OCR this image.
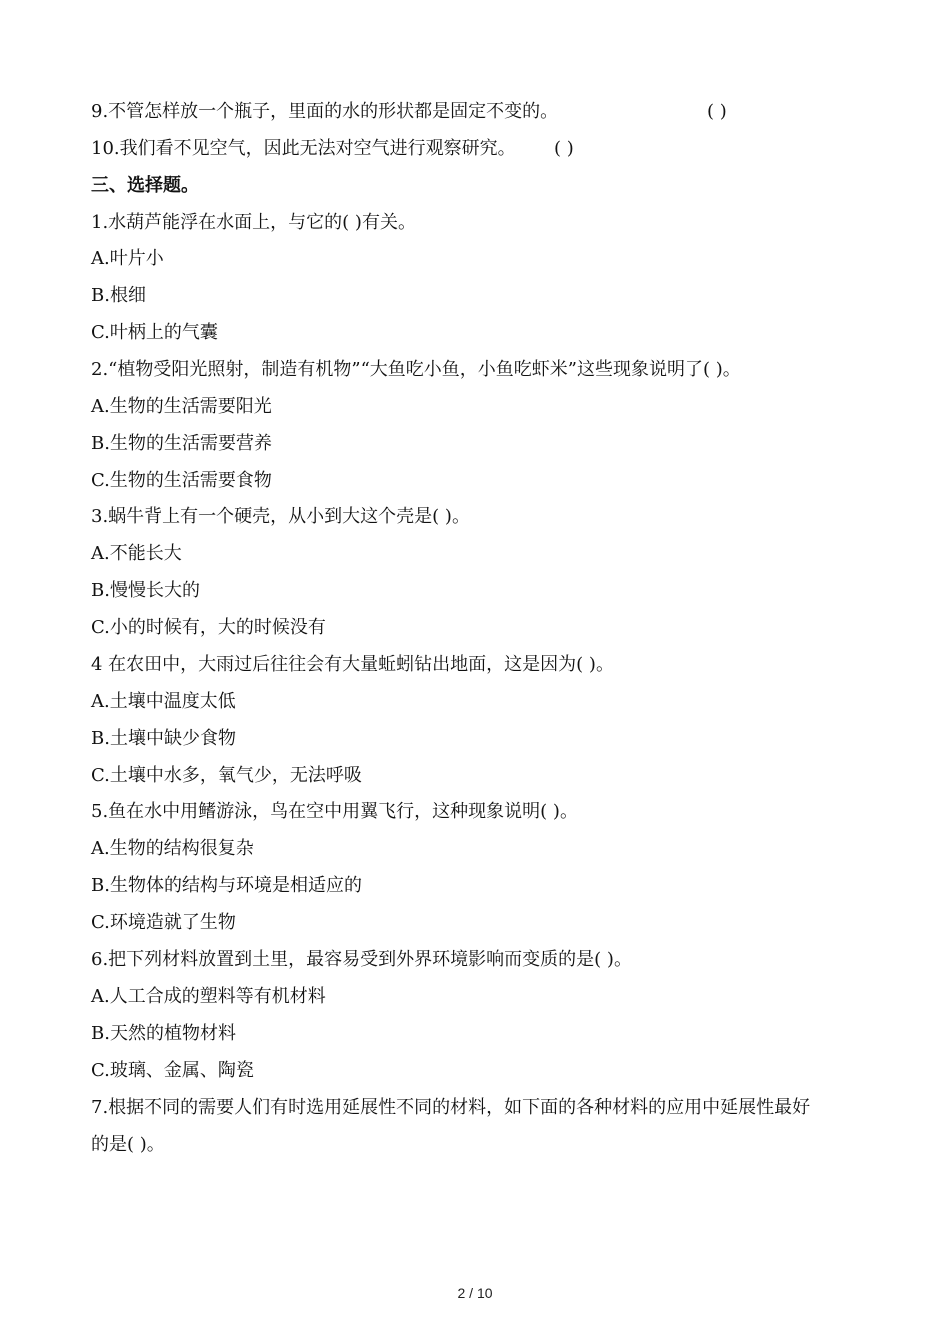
9.不管怎样放一个瓶子，里面的水的形状都是固定不变的。	( )
10.我们看不见空气，因此无法对空气进行观察研究。 ( )
三、选择题。
1.水葫芦能浮在水面上，与它的( )有关。
A.叶片小
B.根细
C.叶柄上的气囊
2.“植物受阳光照射，制造有机物”“大鱼吃小鱼，小鱼吃虾米”这些现象说明了( )。
A.生物的生活需要阳光
B.生物的生活需要营养
C.生物的生活需要食物
3.蜗牛背上有一个硬壳，从小到大这个壳是( )。
A.不能长大
B.慢慢长大的
C.小的时候有，大的时候没有
4 在农田中，大雨过后往往会有大量蚯蚓钻出地面，这是因为( )。
A.土壤中温度太低
B.土壤中缺少食物
C.土壤中水多，氧气少，无法呼吸
5.鱼在水中用鳍游泳，鸟在空中用翼飞行，这种现象说明( )。
A.生物的结构很复杂
B.生物体的结构与环境是相适应的
C.环境造就了生物
6.把下列材料放置到土里，最容易受到外界环境影响而变质的是( )。
A.人工合成的塑料等有机材料
B.天然的植物材料
C.玻璃、金属、陶瓷
7.根据不同的需要人们有时选用延展性不同的材料，如下面的各种材料的应用中延展性最好
的是( )。
2 / 10
